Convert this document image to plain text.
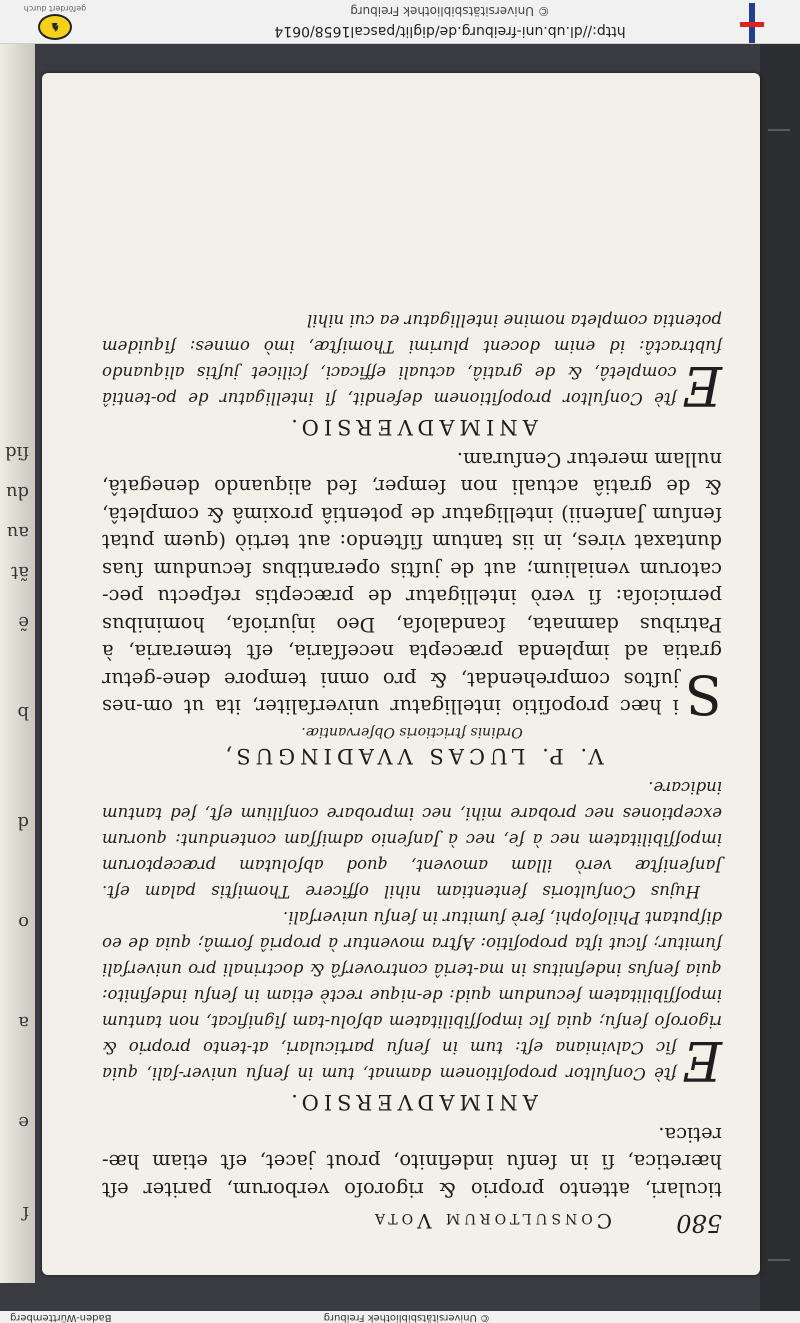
© Universitätsbibliothek Freiburg
Baden-Württemberg
ſ
e
a
o
d
b
ẽ
ãt
au
du
ſid
580
Consultorum Vota

ticulari, attento proprio & rigoroſo verborum, pariter eſt hæretica, ſi in ſenſu indefinito, prout jacet, eſt etiam hæ-retica.

ANIMADVERSIO.

Eſtè Conſultor propoſitionem damnat, tum in ſenſu univer-ſali, quia ſic Calviniana eſt: tum in ſenſu particulari, at-tento proprio & rigoroſo ſenſu; quia ſic impoſſibilitatem abſolu-tam ſignificat, non tantum impoſſibilitatem ſecundum quid: de-nique rectè etiam in ſenſu indefinito: quia ſenſus indefinitus in ma-teriâ controverſâ & doctrinali pro univerſali ſumitur; ſicut iſta propoſitio: Aſtra moventur à propriâ formâ; quia de eo diſputant Philoſophi, ferè ſumitur in ſenſu univerſali.

Hujus Conſultoris ſententiam nihil officere Thomiſtis palam eſt. Janſeniſtæ verò illam amovent, quod abſolutam præceptorum impoſſibilitatem nec à ſe, nec à Janſenio admiſſam contendunt: quorum exceptiones nec probare mihi, nec improbare conſilium eſt, ſed tantum indicare.

V. P. LUCAS VVADINGUS,
Ordinis ſtrictioris Obſervantiæ.

Si hæc propoſitio intelligatur univerſaliter, ita ut om-nes juſtos comprehendat, & pro omni tempore dene-getur gratia ad implenda præcepta neceſſaria, eſt temeraria, à Patribus damnata, ſcandaloſa, Deo injurioſa, hominibus pernicioſa: ſi verò intelligatur de præceptis reſpectu pec-catorum venialium; aut de juſtis operantibus ſecundum ſuas duntaxat vires, in iis tantum ſiſtendo: aut tertiò (quem putat ſenſum Janſenii) intelligatur de potentiâ proximâ & completâ, & de gratiâ actuali non ſemper, ſed aliquando denegatâ, nullam meretur Cenſuram.

ANIMADVERSIO.

Eſtè Conſultor propoſitionem defendit, ſi intelligatur de po-tentiâ completâ, & de gratiâ, actuali efficaci, ſcilicet juſtis aliquando ſubtractâ: id enim docent plurimi Thomiſtæ, imò omnes: ſiquidem potentia completa nomine intelligatur ea cui nihil

http://dl.ub.uni-freiburg.de/diglit/pascal1658/0614
© Universitätsbibliothek Freiburg
♞
gefördert durch
